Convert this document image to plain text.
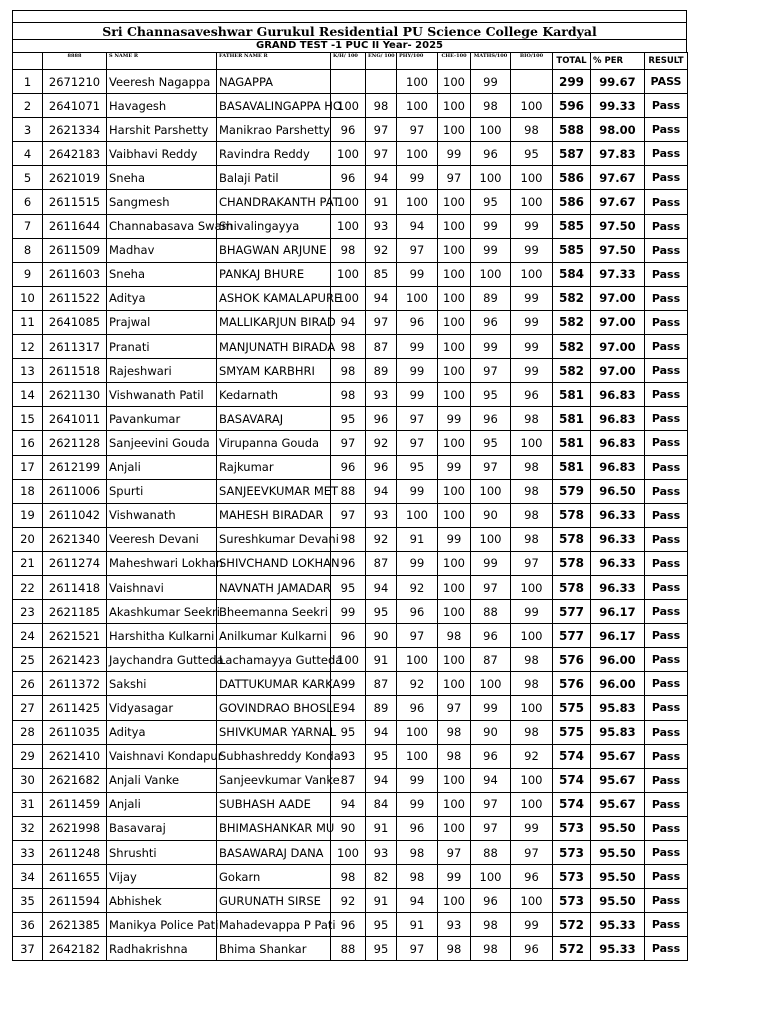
Sri Channasaveshwar Gurukul Residential PU Science College Kardyal
GRAND TEST -1 PUC II Year- 2025
	8888	S NAME R	FATHER NAME R	K/H/ 100	ENG/ 100	PHY/100	CHE-100	MATHS/100	BIO/100	TOTAL	% PER	RESULT
1	2671210	Veeresh Nagappa	NAGAPPA			100	100	99		299	99.67	PASS
2	2641071	Havagesh	BASAVALINGAPPA HO	100	98	100	100	98	100	596	99.33	Pass
3	2621334	Harshit Parshetty	Manikrao Parshetty	96	97	97	100	100	98	588	98.00	Pass
4	2642183	Vaibhavi Reddy	Ravindra Reddy	100	97	100	99	96	95	587	97.83	Pass
5	2621019	Sneha	Balaji Patil	96	94	99	97	100	100	586	97.67	Pass
6	2611515	Sangmesh	CHANDRAKANTH PAT	100	91	100	100	95	100	586	97.67	Pass
7	2611644	Channabasava Swam	Shivalingayya	100	93	94	100	99	99	585	97.50	Pass
8	2611509	Madhav	BHAGWAN ARJUNE	98	92	97	100	99	99	585	97.50	Pass
9	2611603	Sneha	PANKAJ BHURE	100	85	99	100	100	100	584	97.33	Pass
10	2611522	Aditya	ASHOK KAMALAPURE	100	94	100	100	89	99	582	97.00	Pass
11	2641085	Prajwal	MALLIKARJUN BIRAD	94	97	96	100	96	99	582	97.00	Pass
12	2611317	Pranati	MANJUNATH BIRADA	98	87	99	100	99	99	582	97.00	Pass
13	2611518	Rajeshwari	SMYAM KARBHRI	98	89	99	100	97	99	582	97.00	Pass
14	2621130	Vishwanath Patil	Kedarnath	98	93	99	100	95	96	581	96.83	Pass
15	2641011	Pavankumar	BASAVARAJ	95	96	97	99	96	98	581	96.83	Pass
16	2621128	Sanjeevini Gouda	Virupanna Gouda	97	92	97	100	95	100	581	96.83	Pass
17	2612199	Anjali	Rajkumar	96	96	95	99	97	98	581	96.83	Pass
18	2611006	Spurti	SANJEEVKUMAR MET	88	94	99	100	100	98	579	96.50	Pass
19	2611042	Vishwanath	MAHESH BIRADAR	97	93	100	100	90	98	578	96.33	Pass
20	2621340	Veeresh Devani	Sureshkumar Devani	98	92	91	99	100	98	578	96.33	Pass
21	2611274	Maheshwari Lokhan	SHIVCHAND LOKHAN	96	87	99	100	99	97	578	96.33	Pass
22	2611418	Vaishnavi	NAVNATH JAMADAR	95	94	92	100	97	100	578	96.33	Pass
23	2621185	Akashkumar Seekri	Bheemanna Seekri	99	95	96	100	88	99	577	96.17	Pass
24	2621521	Harshitha Kulkarni	Anilkumar Kulkarni	96	90	97	98	96	100	577	96.17	Pass
25	2621423	Jaychandra Gutteda	Lachamayya Gutteda	100	91	100	100	87	98	576	96.00	Pass
26	2611372	Sakshi	DATTUKUMAR KARKA	99	87	92	100	100	98	576	96.00	Pass
27	2611425	Vidyasagar	GOVINDRAO BHOSLE	94	89	96	97	99	100	575	95.83	Pass
28	2611035	Aditya	SHIVKUMAR YARNAL	95	94	100	98	90	98	575	95.83	Pass
29	2621410	Vaishnavi Kondapur	Subhashreddy Konda	93	95	100	98	96	92	574	95.67	Pass
30	2621682	Anjali Vanke	Sanjeevkumar Vanke	87	94	99	100	94	100	574	95.67	Pass
31	2611459	Anjali	SUBHASH AADE	94	84	99	100	97	100	574	95.67	Pass
32	2621998	Basavaraj	BHIMASHANKAR MU	90	91	96	100	97	99	573	95.50	Pass
33	2611248	Shrushti	BASAWARAJ DANA	100	93	98	97	88	97	573	95.50	Pass
34	2611655	Vijay	Gokarn	98	82	98	99	100	96	573	95.50	Pass
35	2611594	Abhishek	GURUNATH SIRSE	92	91	94	100	96	100	573	95.50	Pass
36	2621385	Manikya Police Pati	Mahadevappa P Pati	96	95	91	93	98	99	572	95.33	Pass
37	2642182	Radhakrishna	Bhima Shankar	88	95	97	98	98	96	572	95.33	Pass
